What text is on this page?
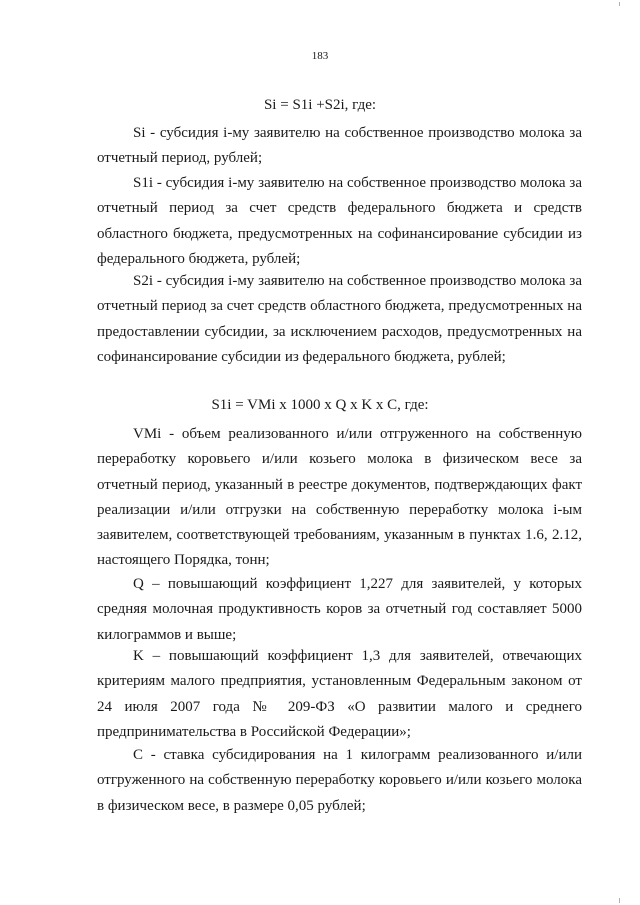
183
Si = S1i +S2i, где:

Si - субсидия i-му заявителю на собственное производство молока за отчетный период, рублей;

S1i - субсидия i-му заявителю на собственное производство молока за отчетный период за счет средств федерального бюджета и средств областного бюджета, предусмотренных на софинансирование субсидии из федерального бюджета, рублей;

S2i - субсидия i-му заявителю на собственное производство молока за отчетный период за счет средств областного бюджета, предусмотренных на предоставлении субсидии, за исключением расходов, предусмотренных на софинансирование субсидии из федерального бюджета, рублей;

S1i = VMi x 1000 x Q x K x C, где:

VMi - объем реализованного и/или отгруженного на собственную переработку коровьего и/или козьего молока в физическом весе за отчетный период, указанный в реестре документов, подтверждающих факт реализации и/или отгрузки на собственную переработку молока i-ым заявителем, соответствующей требованиям, указанным в пунктах 1.6, 2.12, настоящего Порядка, тонн;

Q – повышающий коэффициент 1,227 для заявителей, у которых средняя молочная продуктивность коров за отчетный год составляет 5000 килограммов и выше;

K – повышающий коэффициент 1,3 для заявителей, отвечающих критериям малого предприятия, установленным Федеральным законом от 24 июля 2007 года № 209-ФЗ «О развитии малого и среднего предпринимательства в Российской Федерации»;

C - ставка субсидирования на 1 килограмм реализованного и/или отгруженного на собственную переработку коровьего и/или козьего молока в физическом весе, в размере 0,05 рублей;
